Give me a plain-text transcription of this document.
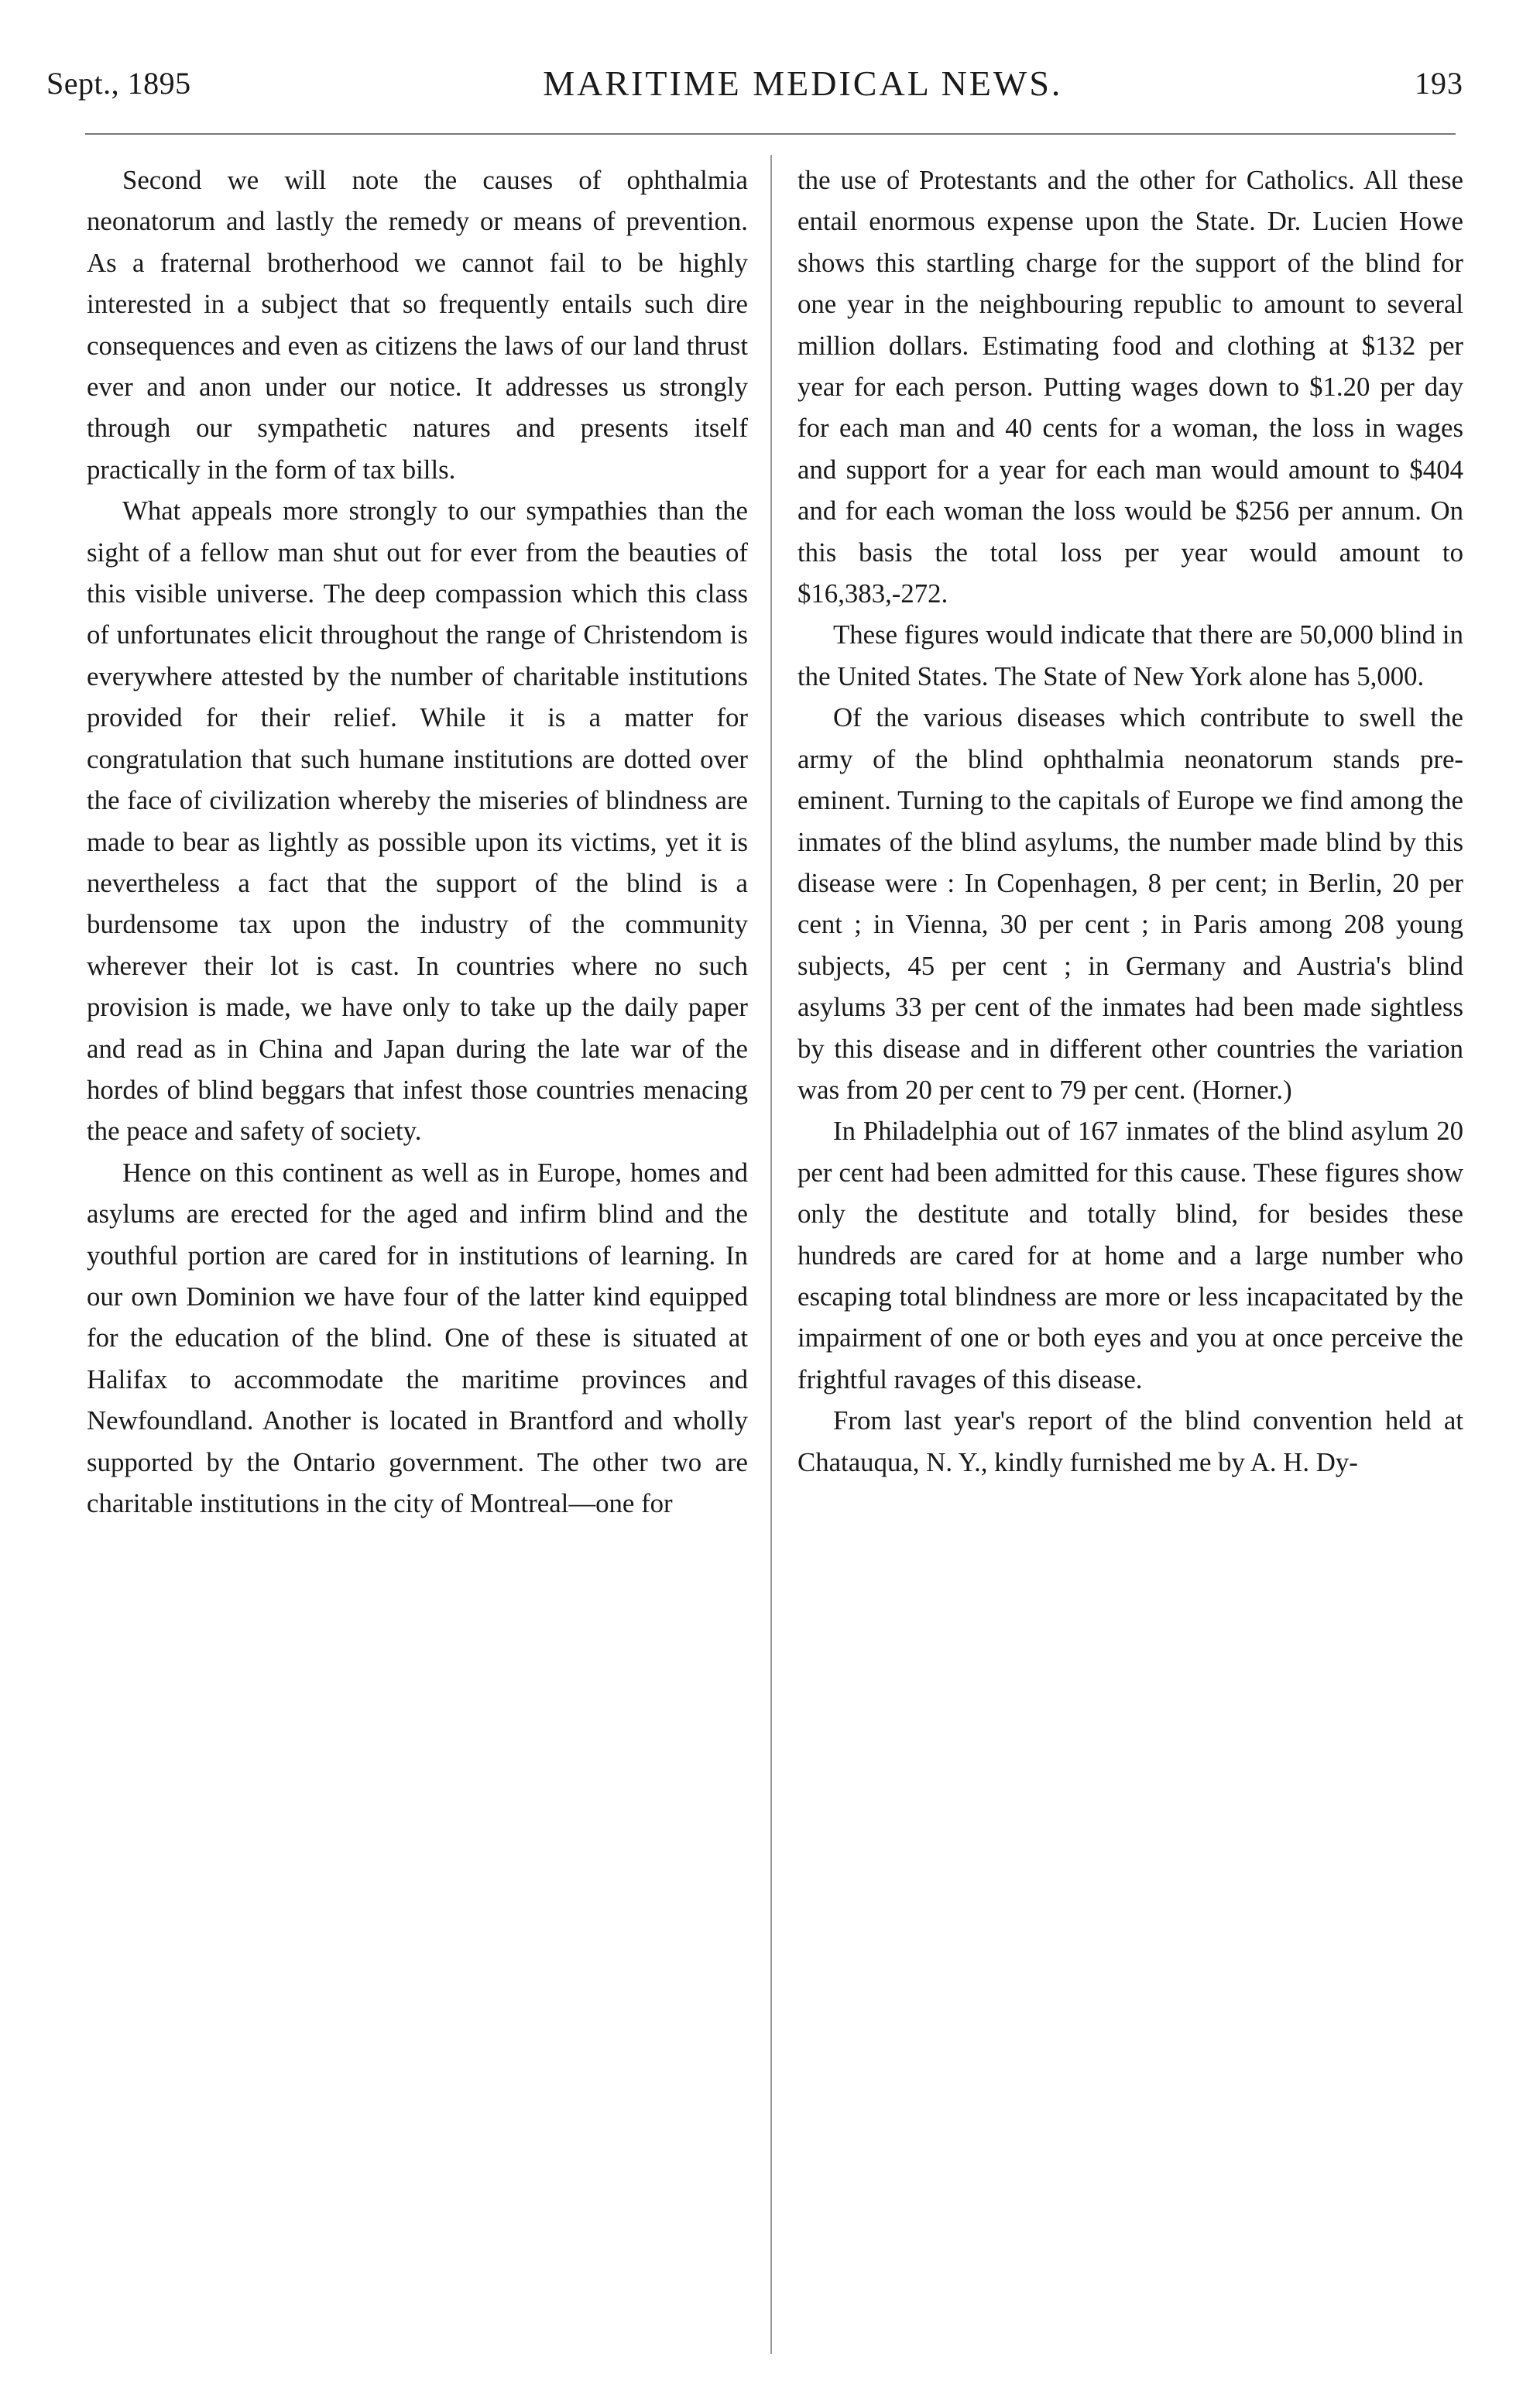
Sept., 1895	MARITIME MEDICAL NEWS.	193

Second we will note the causes of ophthalmia neonatorum and lastly the remedy or means of prevention. As a fraternal brotherhood we cannot fail to be highly interested in a subject that so frequently entails such dire consequences and even as citizens the laws of our land thrust ever and anon under our notice. It addresses us strongly through our sympathetic natures and presents itself practically in the form of tax bills.

What appeals more strongly to our sympathies than the sight of a fellow man shut out for ever from the beauties of this visible universe. The deep compassion which this class of unfortunates elicit throughout the range of Christendom is everywhere attested by the number of charitable institutions provided for their relief. While it is a matter for congratulation that such humane institutions are dotted over the face of civilization whereby the miseries of blindness are made to bear as lightly as possible upon its victims, yet it is nevertheless a fact that the support of the blind is a burdensome tax upon the industry of the community wherever their lot is cast. In countries where no such provision is made, we have only to take up the daily paper and read as in China and Japan during the late war of the hordes of blind beggars that infest those countries menacing the peace and safety of society.

Hence on this continent as well as in Europe, homes and asylums are erected for the aged and infirm blind and the youthful portion are cared for in institutions of learning. In our own Dominion we have four of the latter kind equipped for the education of the blind. One of these is situated at Halifax to accommodate the maritime provinces and Newfoundland. Another is located in Brantford and wholly supported by the Ontario government. The other two are charitable institutions in the city of Montreal—one for

the use of Protestants and the other for Catholics. All these entail enormous expense upon the State. Dr. Lucien Howe shows this startling charge for the support of the blind for one year in the neighbouring republic to amount to several million dollars. Estimating food and clothing at $132 per year for each person. Putting wages down to $1.20 per day for each man and 40 cents for a woman, the loss in wages and support for a year for each man would amount to $404 and for each woman the loss would be $256 per annum. On this basis the total loss per year would amount to $16,383,-272.

These figures would indicate that there are 50,000 blind in the United States. The State of New York alone has 5,000.

Of the various diseases which contribute to swell the army of the blind ophthalmia neonatorum stands pre-eminent. Turning to the capitals of Europe we find among the inmates of the blind asylums, the number made blind by this disease were : In Copenhagen, 8 per cent; in Berlin, 20 per cent ; in Vienna, 30 per cent ; in Paris among 208 young subjects, 45 per cent ; in Germany and Austria's blind asylums 33 per cent of the inmates had been made sightless by this disease and in different other countries the variation was from 20 per cent to 79 per cent. (Horner.)

In Philadelphia out of 167 inmates of the blind asylum 20 per cent had been admitted for this cause. These figures show only the destitute and totally blind, for besides these hundreds are cared for at home and a large number who escaping total blindness are more or less incapacitated by the impairment of one or both eyes and you at once perceive the frightful ravages of this disease.

From last year's report of the blind convention held at Chatauqua, N. Y., kindly furnished me by A. H. Dy-
